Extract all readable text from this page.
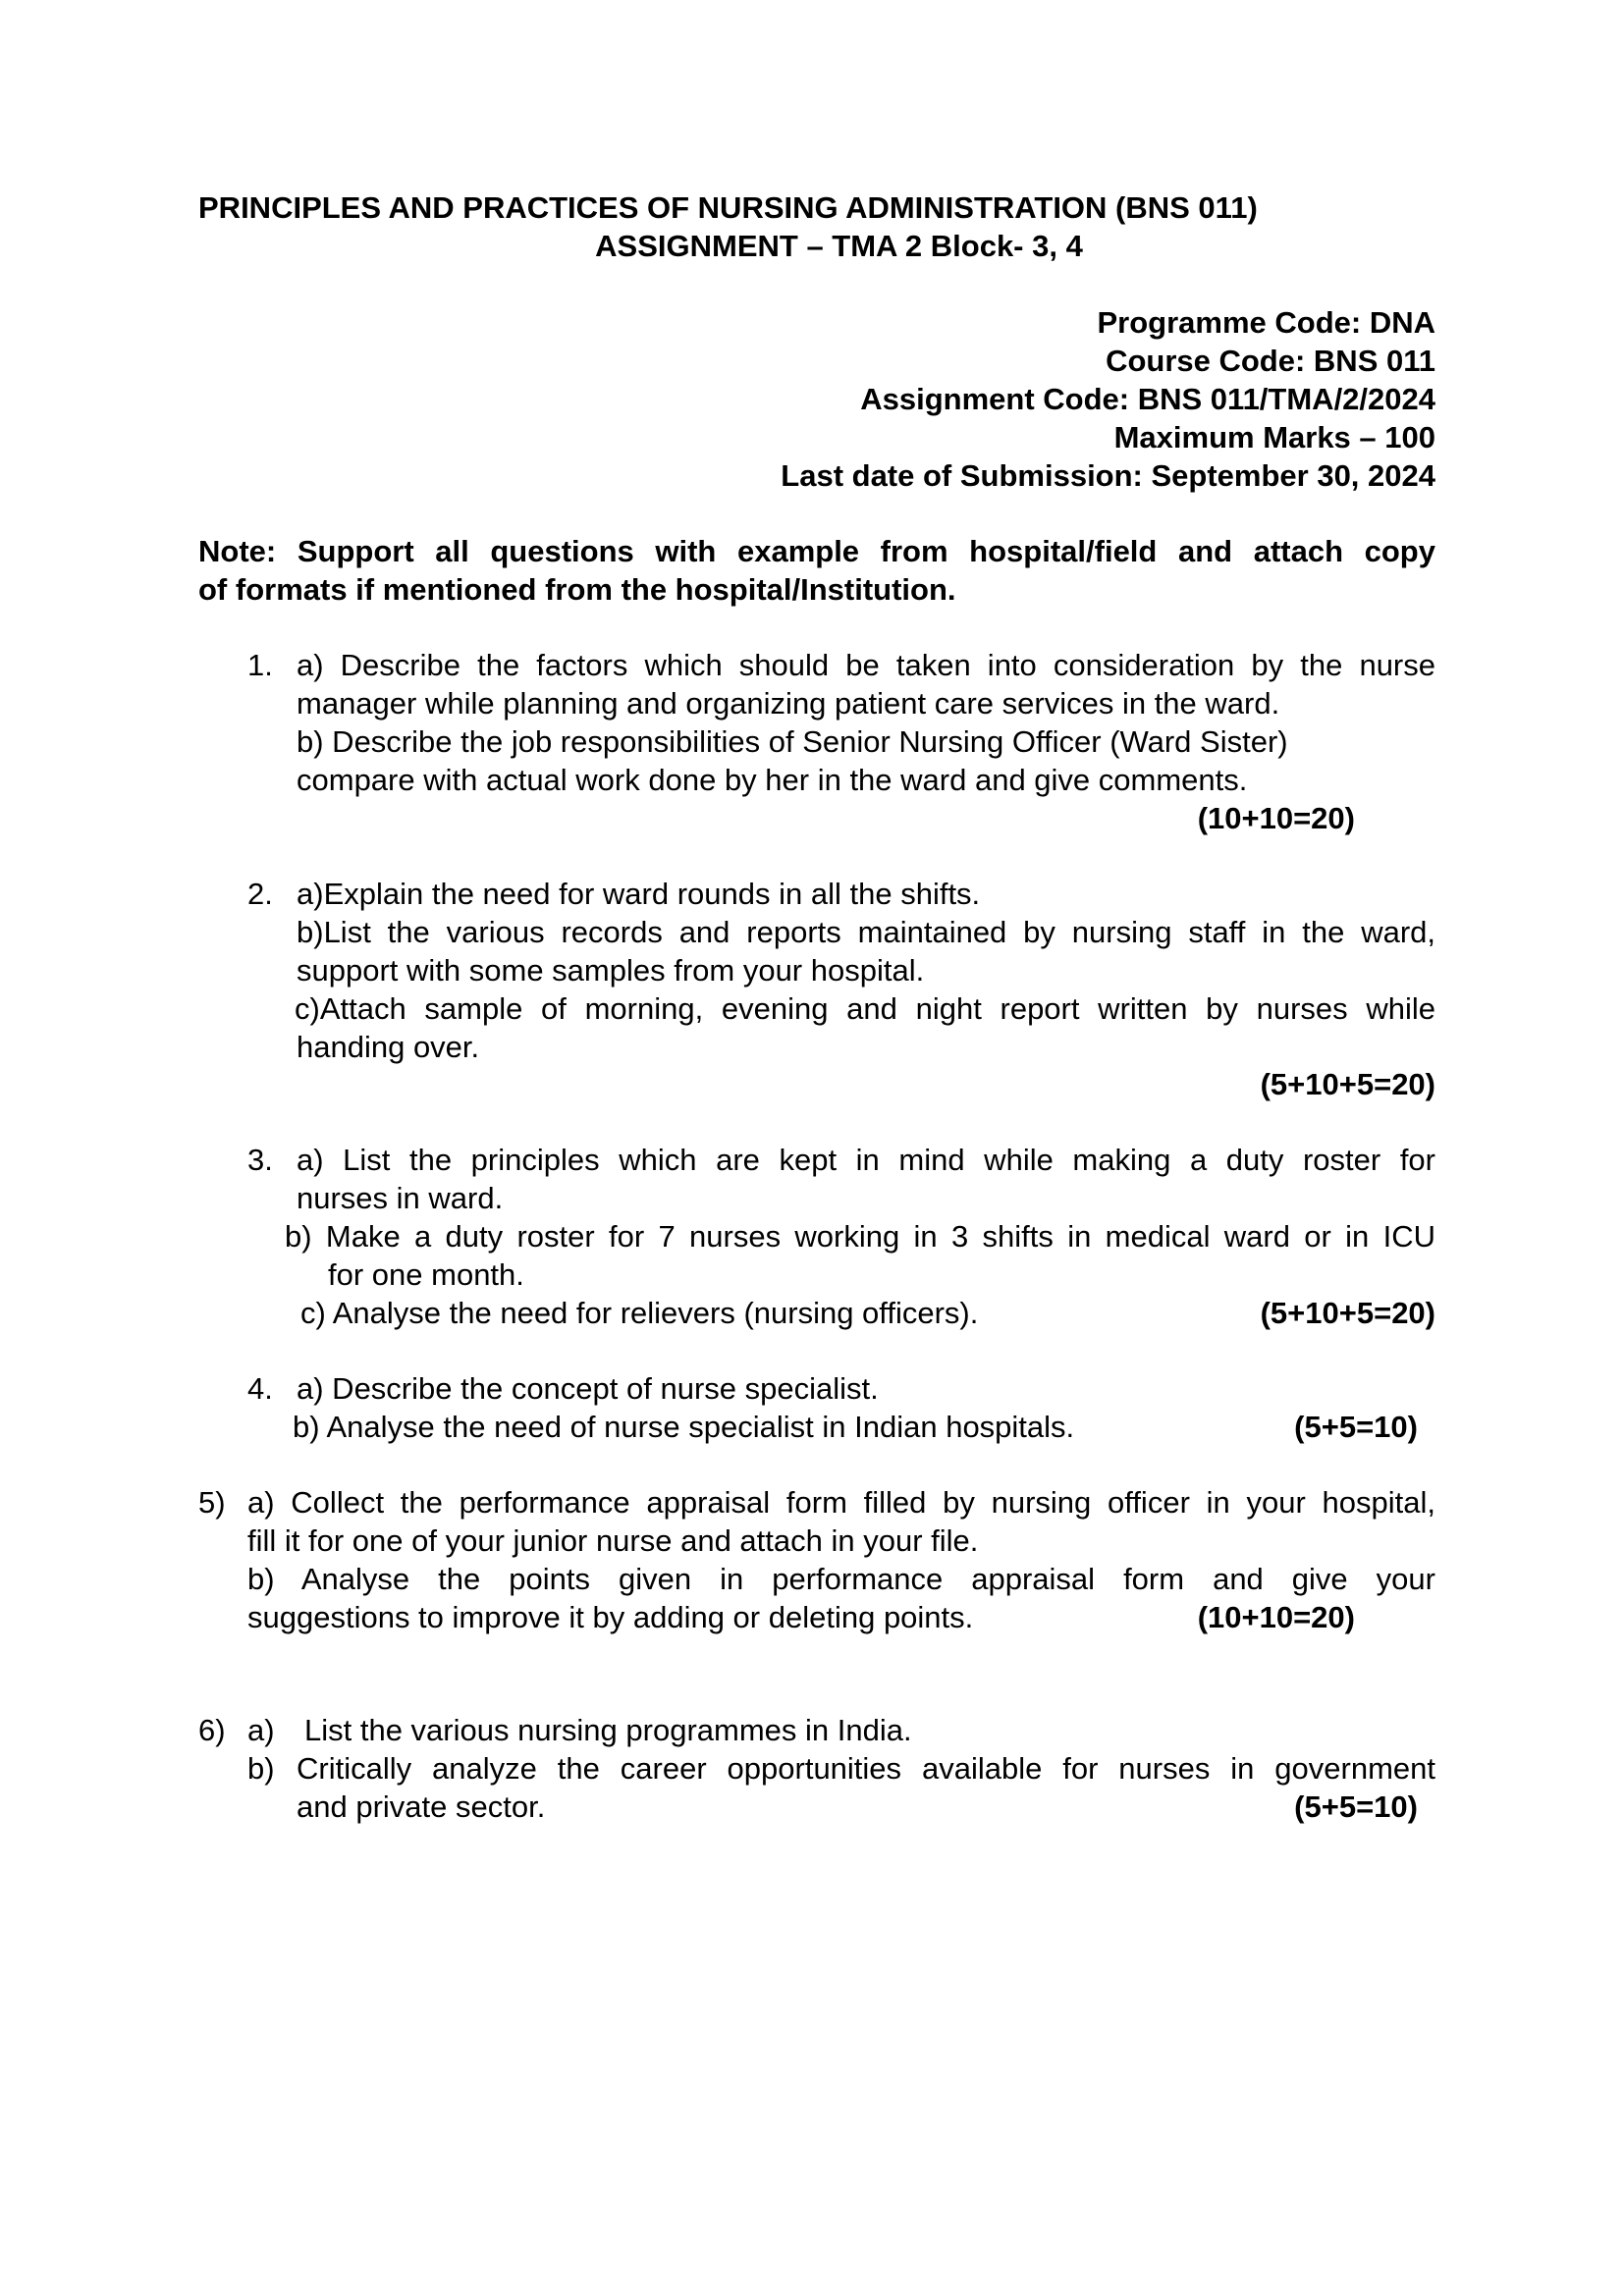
PRINCIPLES AND PRACTICES OF NURSING ADMINISTRATION (BNS 011)
ASSIGNMENT – TMA 2 Block- 3, 4
Programme Code: DNA
Course Code: BNS 011
Assignment Code: BNS 011/TMA/2/2024
Maximum Marks – 100
Last date of Submission: September 30, 2024
Note: Support all questions with example from hospital/field and attach copy
of formats if mentioned from the hospital/Institution.
1. a) Describe the factors which should be taken into consideration by the nurse
manager while planning and organizing patient care services in the ward.
b) Describe the job responsibilities of Senior Nursing Officer (Ward Sister)
compare with actual work done by her in the ward and give comments.
(10+10=20)
2. a)Explain the need for ward rounds in all the shifts.
b)List the various records and reports maintained by nursing staff in the ward,
support with some samples from your hospital.
c)Attach sample of morning, evening and night report written by nurses while
handing over.
(5+10+5=20)
3. a) List the principles which are kept in mind while making a duty roster for
nurses in ward.
b) Make a duty roster for 7 nurses working in 3 shifts in medical ward or in ICU
for one month.
c) Analyse the need for relievers (nursing officers).	(5+10+5=20)
4. a) Describe the concept of nurse specialist.
b) Analyse the need of nurse specialist in Indian hospitals.	(5+5=10)
5) a) Collect the performance appraisal form filled by nursing officer in your hospital,
fill it for one of your junior nurse and attach in your file.
b) Analyse the points given in performance appraisal form and give your
suggestions to improve it by adding or deleting points.	(10+10=20)
6) a) List the various nursing programmes in India.
b) Critically analyze the career opportunities available for nurses in government
and private sector.	(5+5=10)
